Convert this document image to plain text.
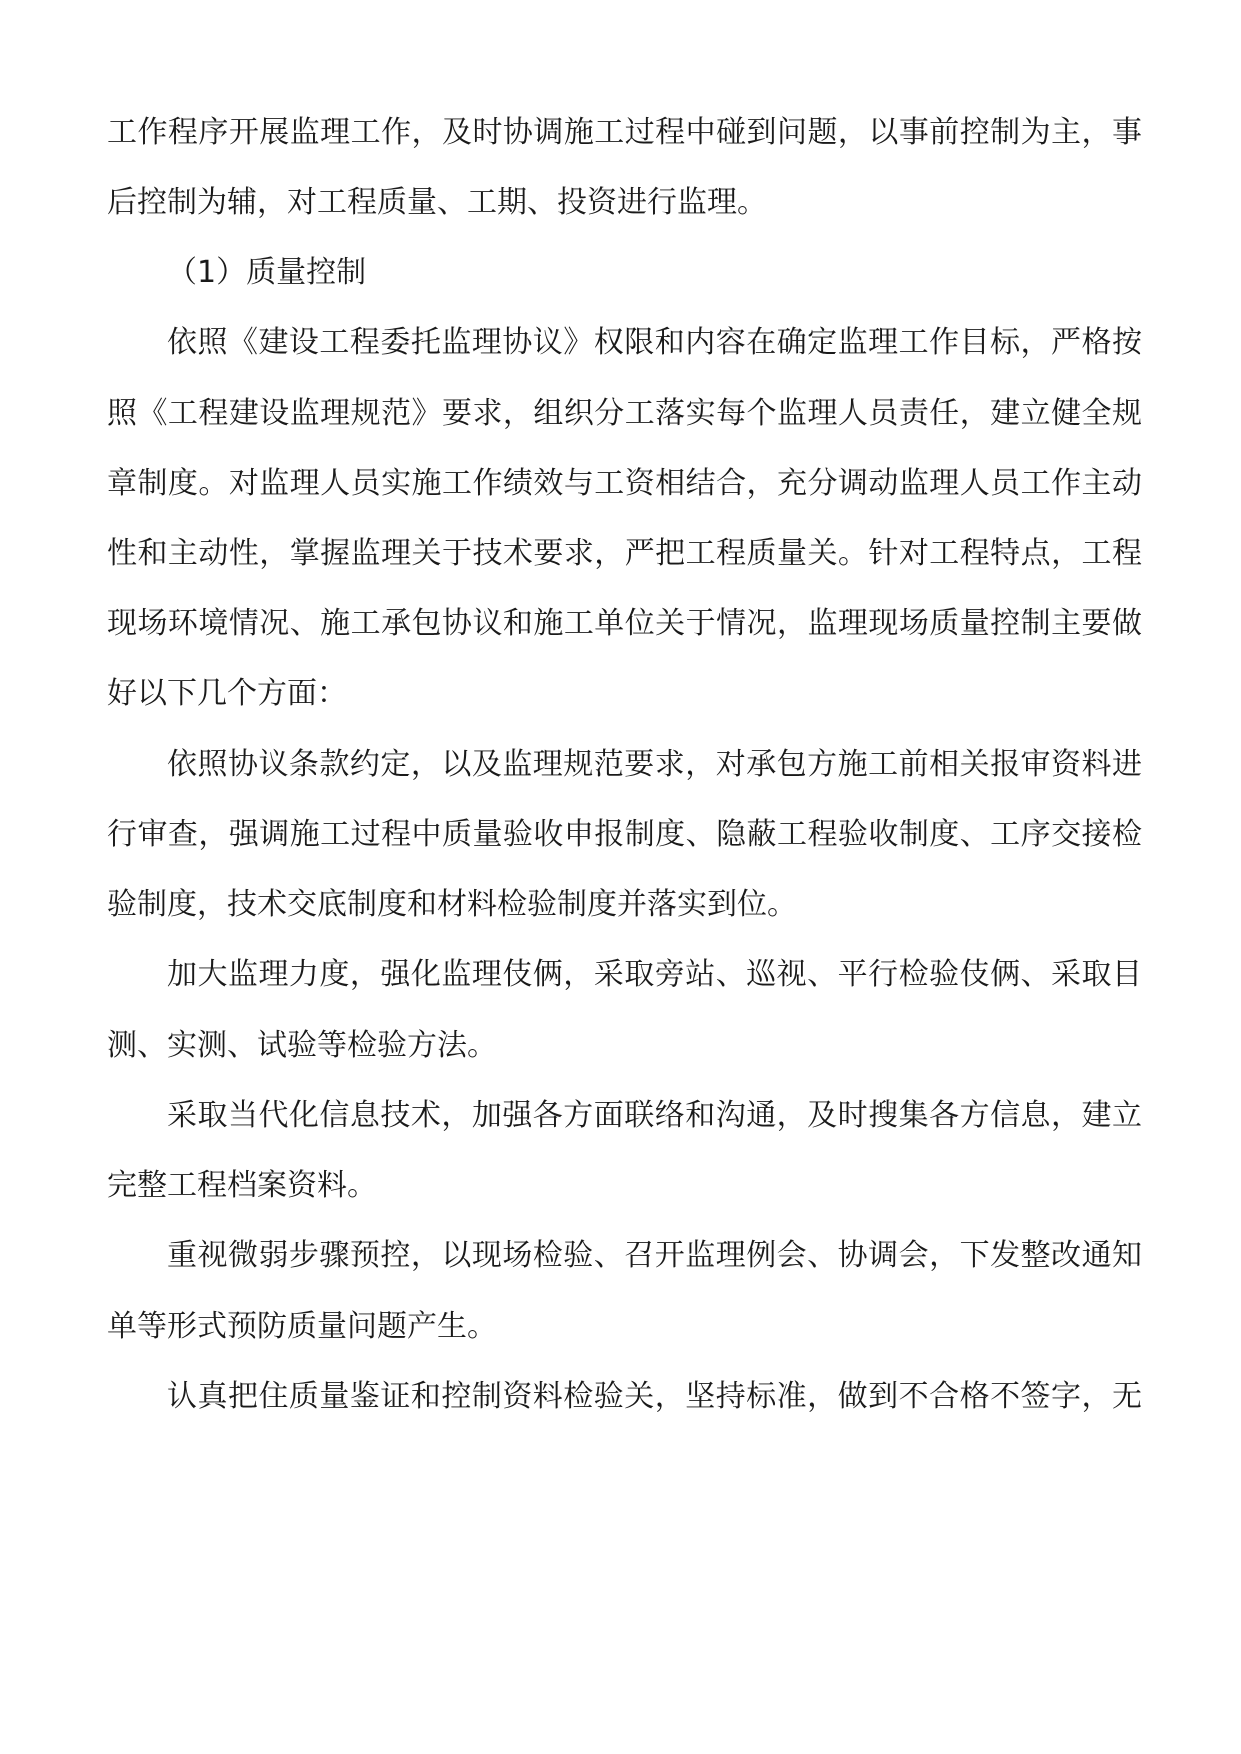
工作程序开展监理工作，及时协调施工过程中碰到问题，以事前控制为主，事
后控制为辅，对工程质量、工期、投资进行监理。
（1）质量控制
依照《建设工程委托监理协议》权限和内容在确定监理工作目标，严格按
照《工程建设监理规范》要求，组织分工落实每个监理人员责任，建立健全规
章制度。对监理人员实施工作绩效与工资相结合，充分调动监理人员工作主动
性和主动性，掌握监理关于技术要求，严把工程质量关。针对工程特点，工程
现场环境情况、施工承包协议和施工单位关于情况，监理现场质量控制主要做
好以下几个方面：
依照协议条款约定，以及监理规范要求，对承包方施工前相关报审资料进
行审查，强调施工过程中质量验收申报制度、隐蔽工程验收制度、工序交接检
验制度，技术交底制度和材料检验制度并落实到位。
加大监理力度，强化监理伎俩，采取旁站、巡视、平行检验伎俩、采取目
测、实测、试验等检验方法。
采取当代化信息技术，加强各方面联络和沟通，及时搜集各方信息，建立
完整工程档案资料。
重视微弱步骤预控，以现场检验、召开监理例会、协调会，下发整改通知
单等形式预防质量问题产生。
认真把住质量鉴证和控制资料检验关，坚持标准，做到不合格不签字，无
